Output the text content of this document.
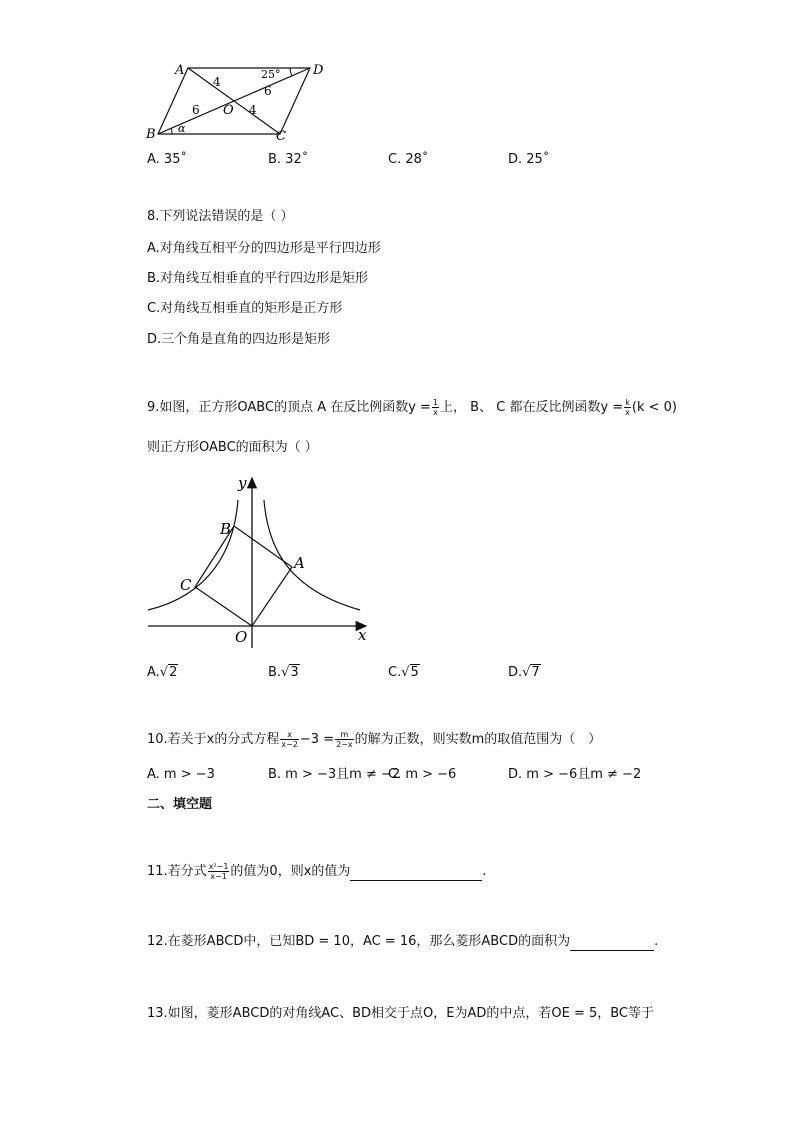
A	D
B	C
O
4
6
6	4
25°
α
A. 35˚	B. 32˚	C. 28˚	D. 25˚
8.下列说法错误的是（ ）
A.对角线互相平分的四边形是平行四边形
B.对角线互相垂直的平行四边形是矩形
C.对角线互相垂直的矩形是正方形
D.三个角是直角的四边形是矩形
9.如图，正方形OABC的顶点 A 在反比例函数$y = \frac{1}{x}$ 上， B、 C 都在反比例函数$y = \frac{k}{x} (k < 0)$
则正方形OABC的面积为（ ）
y
x
O
A
B
C
A.√2	B.√3	C.√5	D.√7
10.若关于x的分式方程 $\frac{x}{x-2} -3 = \frac{m}{2-x}$ 的解为正数，则实数m的取值范围为（　）
A. m > −3	B. m > −3且m ≠ −2
C. m > −6	D. m > −6且m ≠ −2
二、填空题
11.若分式 $\frac{\text{x²−1}}{x-1}$ 的值为0，则x的值为	.
12.在菱形ABCD中，已知BD = 10，AC = 16，那么菱形ABCD的面积为	.
13.如图，菱形ABCD的对角线AC、BD相交于点O，E为AD的中点，若OE = 5，BC等于
